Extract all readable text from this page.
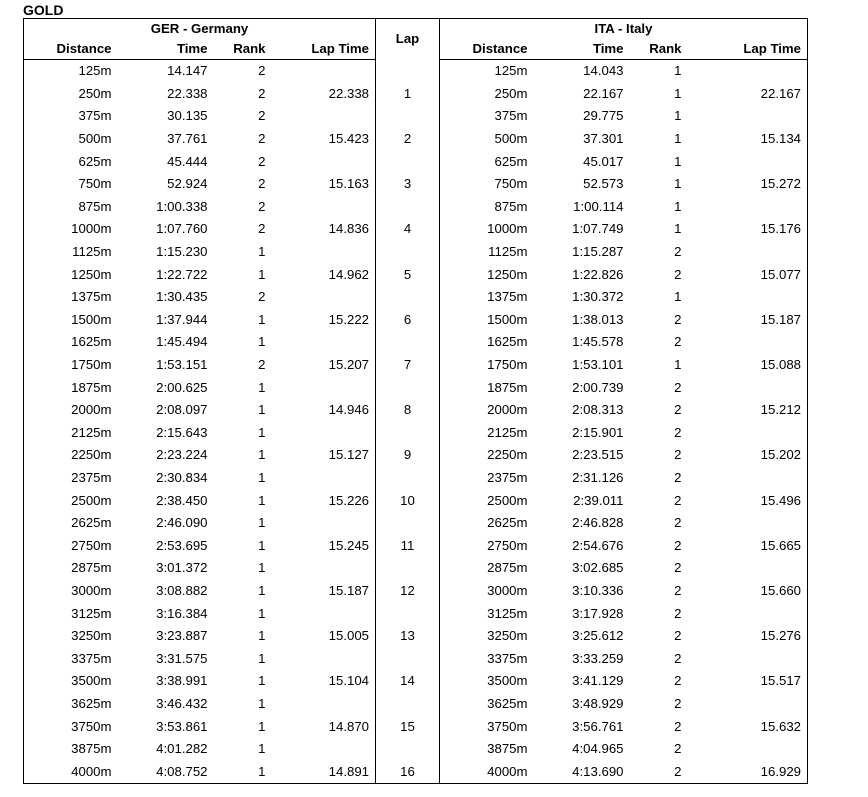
GOLD
GER - Germany				Lap	ITA - Italy			
Distance	Time	Rank	Lap Time		Distance	Time	Rank	Lap Time
125m	14.147	2			125m	14.043	1	
250m	22.338	2	22.338	1	250m	22.167	1	22.167
375m	30.135	2			375m	29.775	1	
500m	37.761	2	15.423	2	500m	37.301	1	15.134
625m	45.444	2			625m	45.017	1	
750m	52.924	2	15.163	3	750m	52.573	1	15.272
875m	1:00.338	2			875m	1:00.114	1	
1000m	1:07.760	2	14.836	4	1000m	1:07.749	1	15.176
1125m	1:15.230	1			1125m	1:15.287	2	
1250m	1:22.722	1	14.962	5	1250m	1:22.826	2	15.077
1375m	1:30.435	2			1375m	1:30.372	1	
1500m	1:37.944	1	15.222	6	1500m	1:38.013	2	15.187
1625m	1:45.494	1			1625m	1:45.578	2	
1750m	1:53.151	2	15.207	7	1750m	1:53.101	1	15.088
1875m	2:00.625	1			1875m	2:00.739	2	
2000m	2:08.097	1	14.946	8	2000m	2:08.313	2	15.212
2125m	2:15.643	1			2125m	2:15.901	2	
2250m	2:23.224	1	15.127	9	2250m	2:23.515	2	15.202
2375m	2:30.834	1			2375m	2:31.126	2	
2500m	2:38.450	1	15.226	10	2500m	2:39.011	2	15.496
2625m	2:46.090	1			2625m	2:46.828	2	
2750m	2:53.695	1	15.245	11	2750m	2:54.676	2	15.665
2875m	3:01.372	1			2875m	3:02.685	2	
3000m	3:08.882	1	15.187	12	3000m	3:10.336	2	15.660
3125m	3:16.384	1			3125m	3:17.928	2	
3250m	3:23.887	1	15.005	13	3250m	3:25.612	2	15.276
3375m	3:31.575	1			3375m	3:33.259	2	
3500m	3:38.991	1	15.104	14	3500m	3:41.129	2	15.517
3625m	3:46.432	1			3625m	3:48.929	2	
3750m	3:53.861	1	14.870	15	3750m	3:56.761	2	15.632
3875m	4:01.282	1			3875m	4:04.965	2	
4000m	4:08.752	1	14.891	16	4000m	4:13.690	2	16.929
